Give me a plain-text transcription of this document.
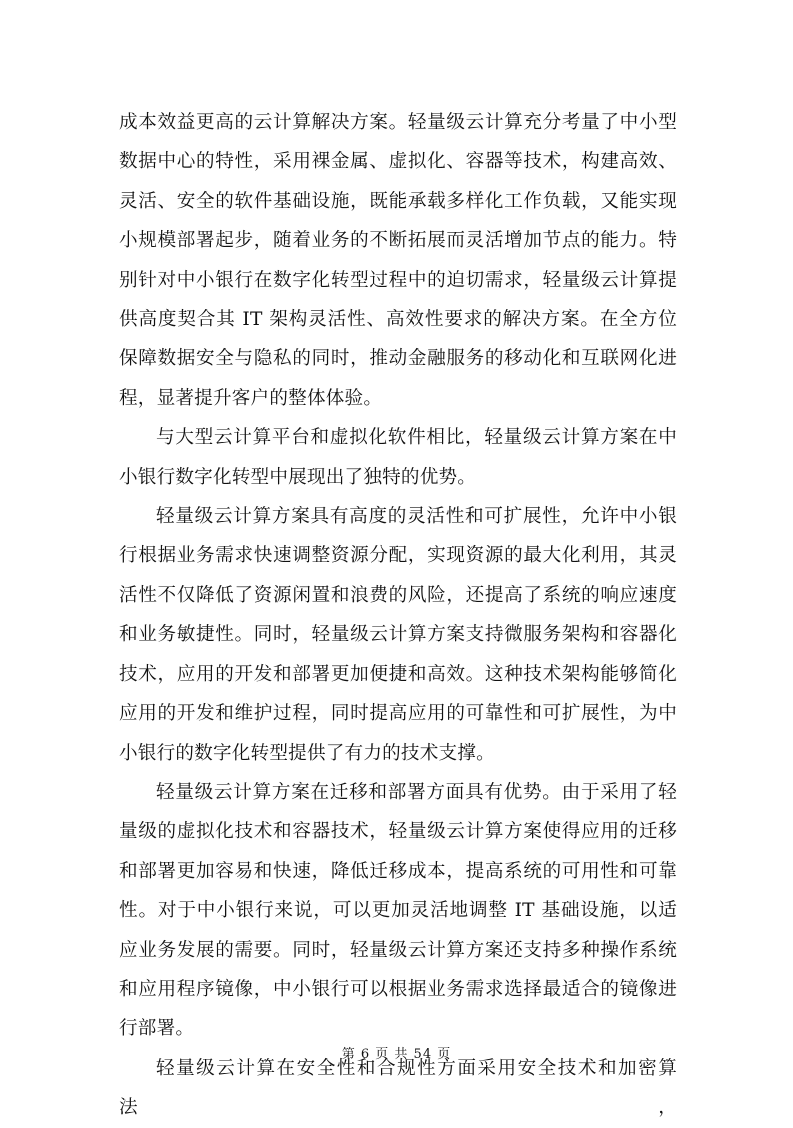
成本效益更高的云计算解决方案。轻量级云计算充分考量了中小型数据中心的特性，采用裸金属、虚拟化、容器等技术，构建高效、灵活、安全的软件基础设施，既能承载多样化工作负载，又能实现小规模部署起步，随着业务的不断拓展而灵活增加节点的能力。特别针对中小银行在数字化转型过程中的迫切需求，轻量级云计算提供高度契合其 IT 架构灵活性、高效性要求的解决方案。在全方位保障数据安全与隐私的同时，推动金融服务的移动化和互联网化进程，显著提升客户的整体体验。

与大型云计算平台和虚拟化软件相比，轻量级云计算方案在中小银行数字化转型中展现出了独特的优势。

轻量级云计算方案具有高度的灵活性和可扩展性，允许中小银行根据业务需求快速调整资源分配，实现资源的最大化利用，其灵活性不仅降低了资源闲置和浪费的风险，还提高了系统的响应速度和业务敏捷性。同时，轻量级云计算方案支持微服务架构和容器化技术，应用的开发和部署更加便捷和高效。这种技术架构能够简化应用的开发和维护过程，同时提高应用的可靠性和可扩展性，为中小银行的数字化转型提供了有力的技术支撑。

轻量级云计算方案在迁移和部署方面具有优势。由于采用了轻量级的虚拟化技术和容器技术，轻量级云计算方案使得应用的迁移和部署更加容易和快速，降低迁移成本，提高系统的可用性和可靠性。对于中小银行来说，可以更加灵活地调整 IT 基础设施，以适应业务发展的需要。同时，轻量级云计算方案还支持多种操作系统和应用程序镜像，中小银行可以根据业务需求选择最适合的镜像进行部署。

轻量级云计算在安全性和合规性方面采用安全技术和加密算法，

第 6 页 共 54 页
